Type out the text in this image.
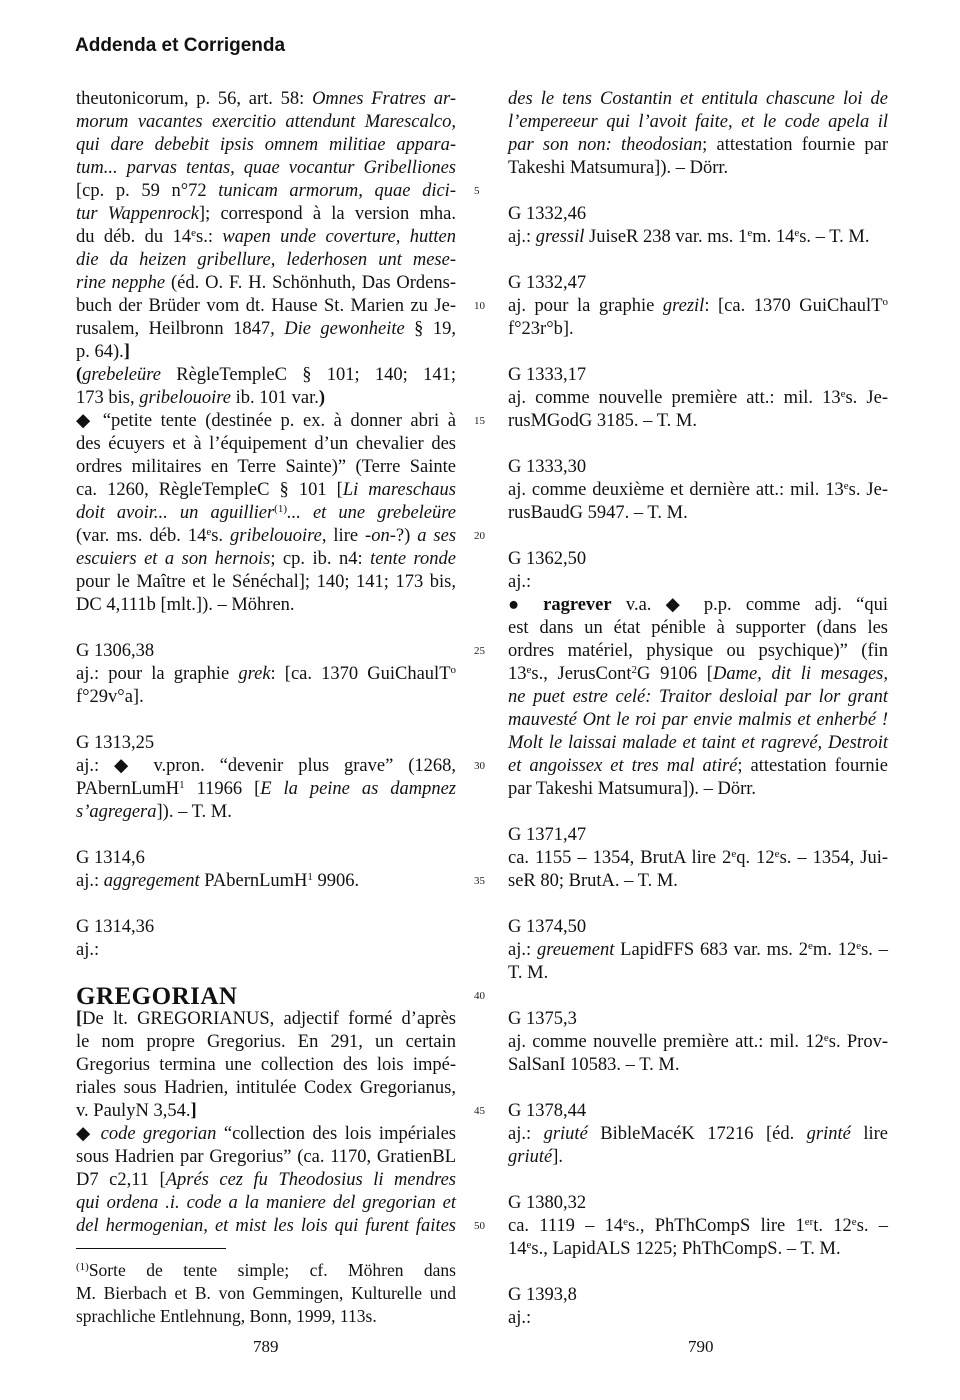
Addenda et Corrigenda
theutonicorum, p. 56, art. 58: Omnes Fratres ar-
morum vacantes exercitio attendunt Marescalco,
qui dare debebit ipsis omnem militiae appara-
tum... parvas tentas, quae vocantur Gribelliones
[cp. p. 59 n°72 tunicam armorum, quae dici-
tur Wappenrock]; correspond à la version mha.
du déb. du 14es.: wapen unde coverture, hutten
die da heizen gribellure, lederhosen unt mese-
rine nepphe (éd. O. F. H. Schönhuth, Das Ordens-
buch der Brüder vom dt. Hause St. Marien zu Je-
rusalem, Heilbronn 1847, Die gewonheite § 19,
p. 64).]
(grebeleüre RègleTempleC § 101; 140; 141;
173 bis, gribelouoire ib. 101 var.)
◆ “petite tente (destinée p. ex. à donner abri à
des écuyers et à l’équipement d’un chevalier des
ordres militaires en Terre Sainte)” (Terre Sainte
ca. 1260, RègleTempleC § 101 [Li mareschaus
doit avoir... un aguillier$^{(1)}$... et une grebeleüre
(var. ms. déb. 14es. gribelouoire, lire -on-?) a ses
escuiers et a son hernois; cp. ib. n4: tente ronde
pour le Maître et le Sénéchal]; 140; 141; 173 bis,
DC 4,111b [mlt.]). – Möhren.
G 1306,38
aj.: pour la graphie grek: [ca. 1370 GuiChaulT$^o$
f°29v°a].
G 1313,25
aj.: ◆ v.pron. “devenir plus grave” (1268,
PAbernLumH$^1$ 11966 [E la peine as dampnez
s’agregera]). – T. M.
G 1314,6
aj.: aggregement PAbernLumH$^1$ 9906.
G 1314,36
aj.:
GREGORIAN
[De lt. GREGORIANUS, adjectif formé d’après
le nom propre Gregorius. En 291, un certain
Gregorius termina une collection des lois impé-
riales sous Hadrien, intitulée Codex Gregorianus,
v. PaulyN 3,54.]
◆ code gregorian “collection des lois impériales
sous Hadrien par Gregorius” (ca. 1170, GratienBL
D7 c2,11 [Aprés cez fu Theodosius li mendres
qui ordena .i. code a la maniere del gregorian et
del hermogenian, et mist les lois qui furent faites
$^{(1)}$Sorte de tente simple; cf. Möhren dans
M. Bierbach et B. von Gemmingen, Kulturelle und
sprachliche Entlehnung, Bonn, 1999, 113s.
5
10
15
20
25
30
35
40
45
50
des le tens Costantin et entitula chascune loi de
l’empereeur qui l’avoit faite, et le code apela il
par son non: theodosian; attestation fournie par
Takeshi Matsumura]). – Dörr.
G 1332,46
aj.: gressil JuiseR 238 var. ms. 1em. 14es. – T. M.
G 1332,47
aj. pour la graphie grezil: [ca. 1370 GuiChaulT$^o$
f°23r°b].
G 1333,17
aj. comme nouvelle première att.: mil. 13es. Je-
rusMGodG 3185. – T. M.
G 1333,30
aj. comme deuxième et dernière att.: mil. 13es. Je-
rusBaudG 5947. – T. M.
G 1362,50
aj.:
● ragrever v.a. ◆ p.p. comme adj. “qui
est dans un état pénible à supporter (dans les
ordres matériel, physique ou psychique)” (fin
13es., JerusCont$^2$G 9106 [Dame, dit li mesages,
ne puet estre celé: Traitor desloial par lor grant
mauvesté Ont le roi par envie malmis et enherbé !
Molt le laissai malade et taint et ragrevé, Destroit
et angoissex et tres mal atiré; attestation fournie
par Takeshi Matsumura]). – Dörr.
G 1371,47
ca. 1155 – 1354, BrutA lire 2eq. 12es. – 1354, Jui-
seR 80; BrutA. – T. M.
G 1374,50
aj.: greuement LapidFFS 683 var. ms. 2em. 12es. –
T. M.
G 1375,3
aj. comme nouvelle première att.: mil. 12es. Prov-
SalSanI 10583. – T. M.
G 1378,44
aj.: griuté BibleMacéK 17216 [éd. grinté lire
griuté].
G 1380,32
ca. 1119 – 14es., PhThCompS lire 1ert. 12es. –
14es., LapidALS 1225; PhThCompS. – T. M.
G 1393,8
aj.:
789	790
